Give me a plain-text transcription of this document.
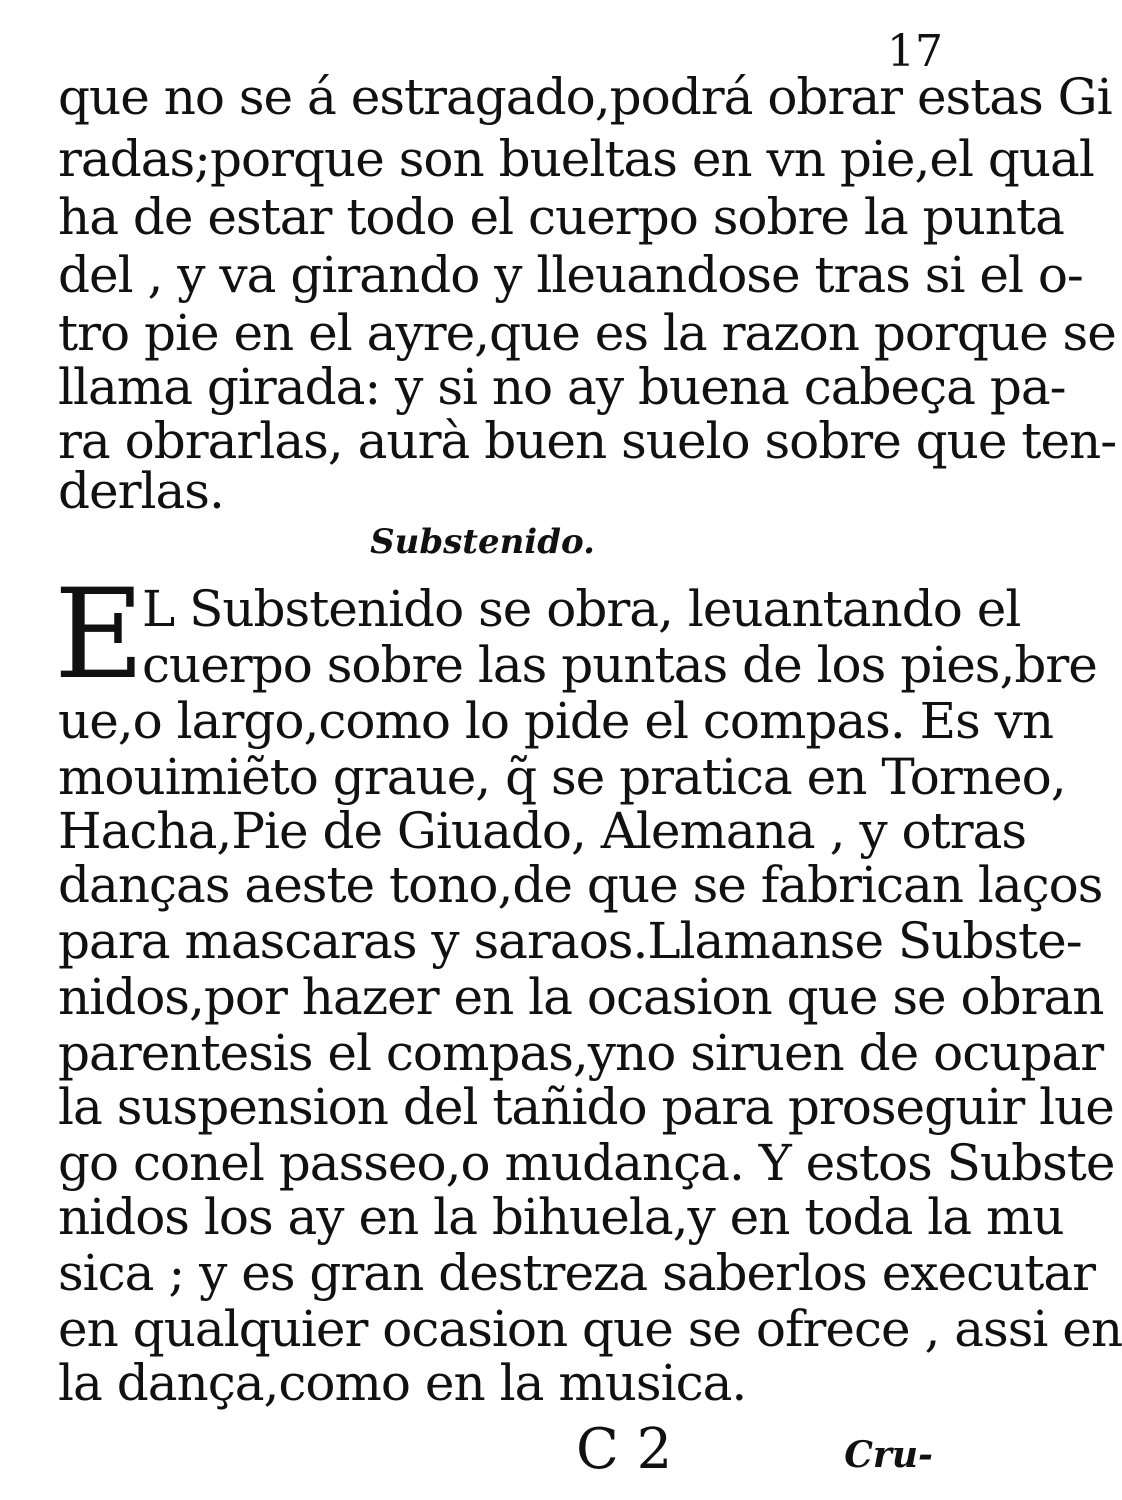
17
que no se á estragado,podrá obrar estas Gi
radas;porque son bueltas en vn pie,el qual
ha de estar todo el cuerpo sobre la punta
del , y va girando y lleuandose tras si el o-
tro pie en el ayre,que es la razon porque se
llama girada: y si no ay buena cabeça pa-
ra obrarlas, aurà buen suelo sobre que ten-
derlas.
Substenido.
E
L Substenido se obra, leuantando el
cuerpo sobre las puntas de los pies,bre
ue,o largo,como lo pide el compas. Es vn
mouimiẽto graue, q̃ se pratica en Torneo,
Hacha,Pie de Giuado, Alemana , y otras
danças aeste tono,de que se fabrican laços
para mascaras y saraos.Llamanse Subste-
nidos,por hazer en la ocasion que se obran
parentesis el compas,yno siruen de ocupar
la suspension del tañido para proseguir lue
go conel passeo,o mudança. Y estos Subste
nidos los ay en la bihuela,y en toda la mu
sica ; y es gran destreza saberlos executar
en qualquier ocasion que se ofrece , assi en
la dança,como en la musica.
C 2	Cru-
